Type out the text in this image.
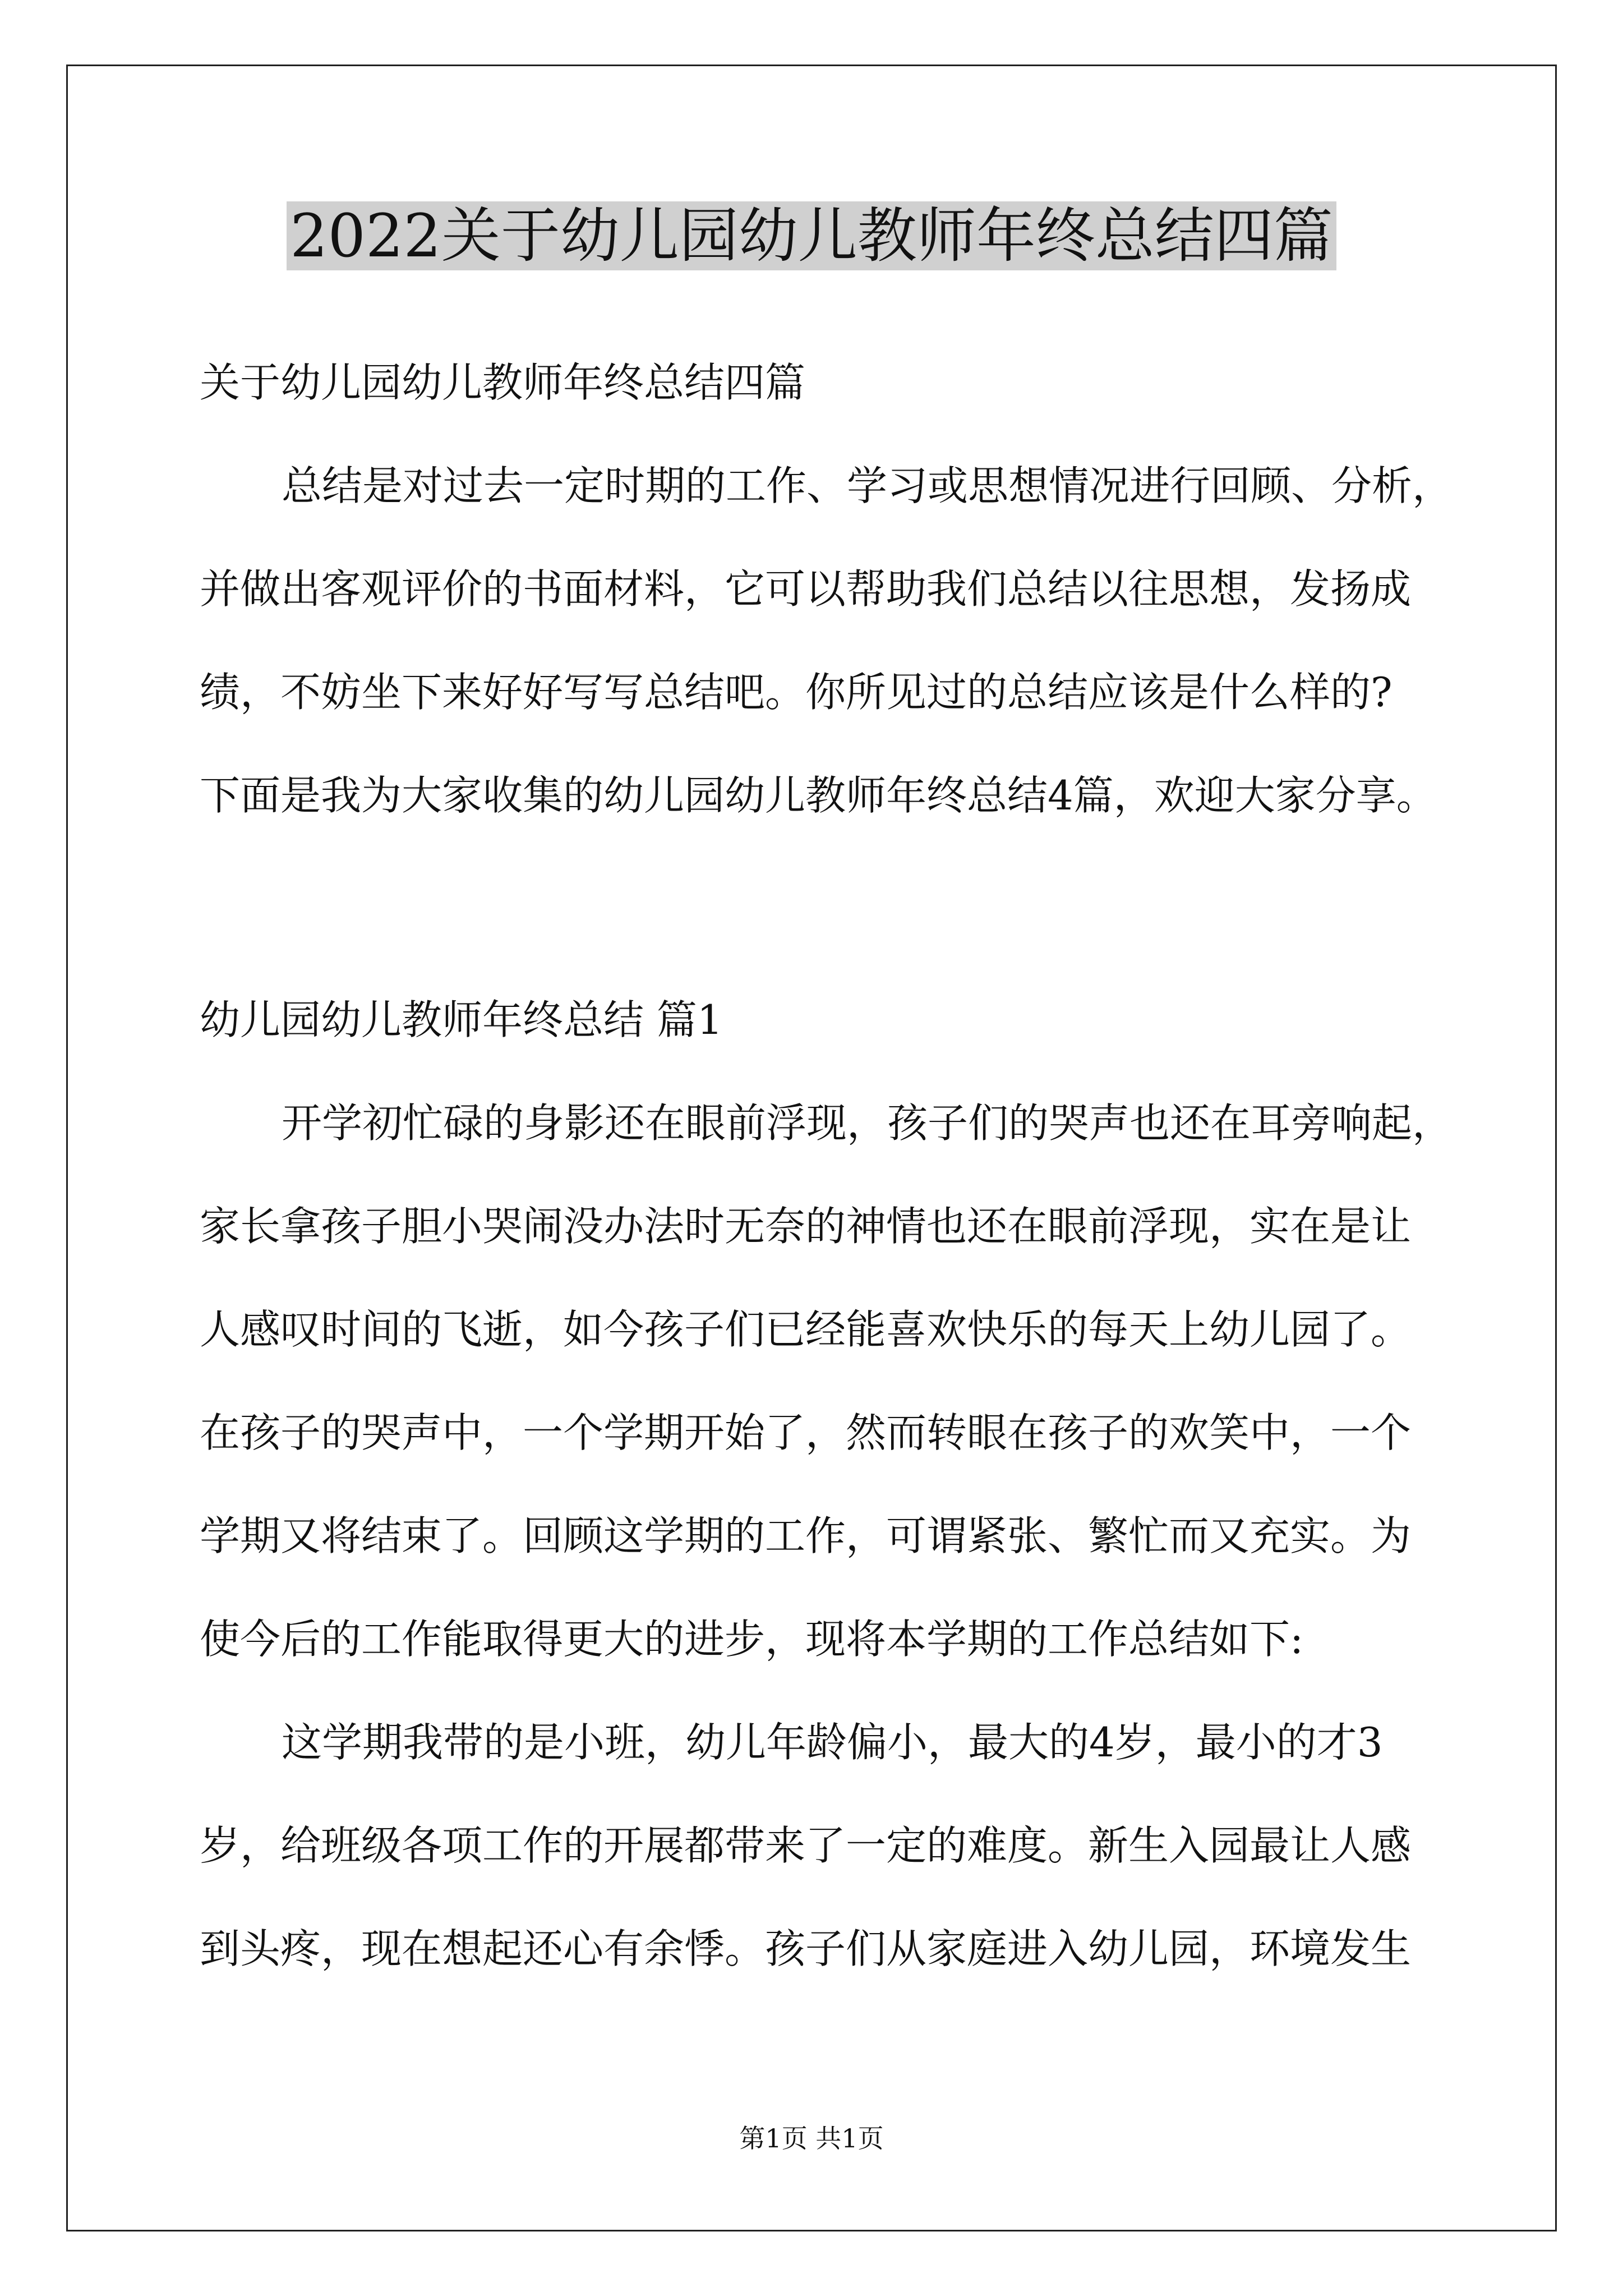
2022关于幼儿园幼儿教师年终总结四篇

关于幼儿园幼儿教师年终总结四篇

总结是对过去一定时期的工作、学习或思想情况进行回顾、分析，

并做出客观评价的书面材料，它可以帮助我们总结以往思想，发扬成

绩，不妨坐下来好好写写总结吧。你所见过的总结应该是什么样的?

下面是我为大家收集的幼儿园幼儿教师年终总结4篇，欢迎大家分享。

幼儿园幼儿教师年终总结 篇1

开学初忙碌的身影还在眼前浮现，孩子们的哭声也还在耳旁响起，

家长拿孩子胆小哭闹没办法时无奈的神情也还在眼前浮现，实在是让

人感叹时间的飞逝，如今孩子们已经能喜欢快乐的每天上幼儿园了。

在孩子的哭声中，一个学期开始了，然而转眼在孩子的欢笑中，一个

学期又将结束了。回顾这学期的工作，可谓紧张、繁忙而又充实。为

使今后的工作能取得更大的进步，现将本学期的工作总结如下:

这学期我带的是小班，幼儿年龄偏小，最大的4岁，最小的才3

岁，给班级各项工作的开展都带来了一定的难度。新生入园最让人感

到头疼，现在想起还心有余悸。孩子们从家庭进入幼儿园，环境发生

第1页 共1页
